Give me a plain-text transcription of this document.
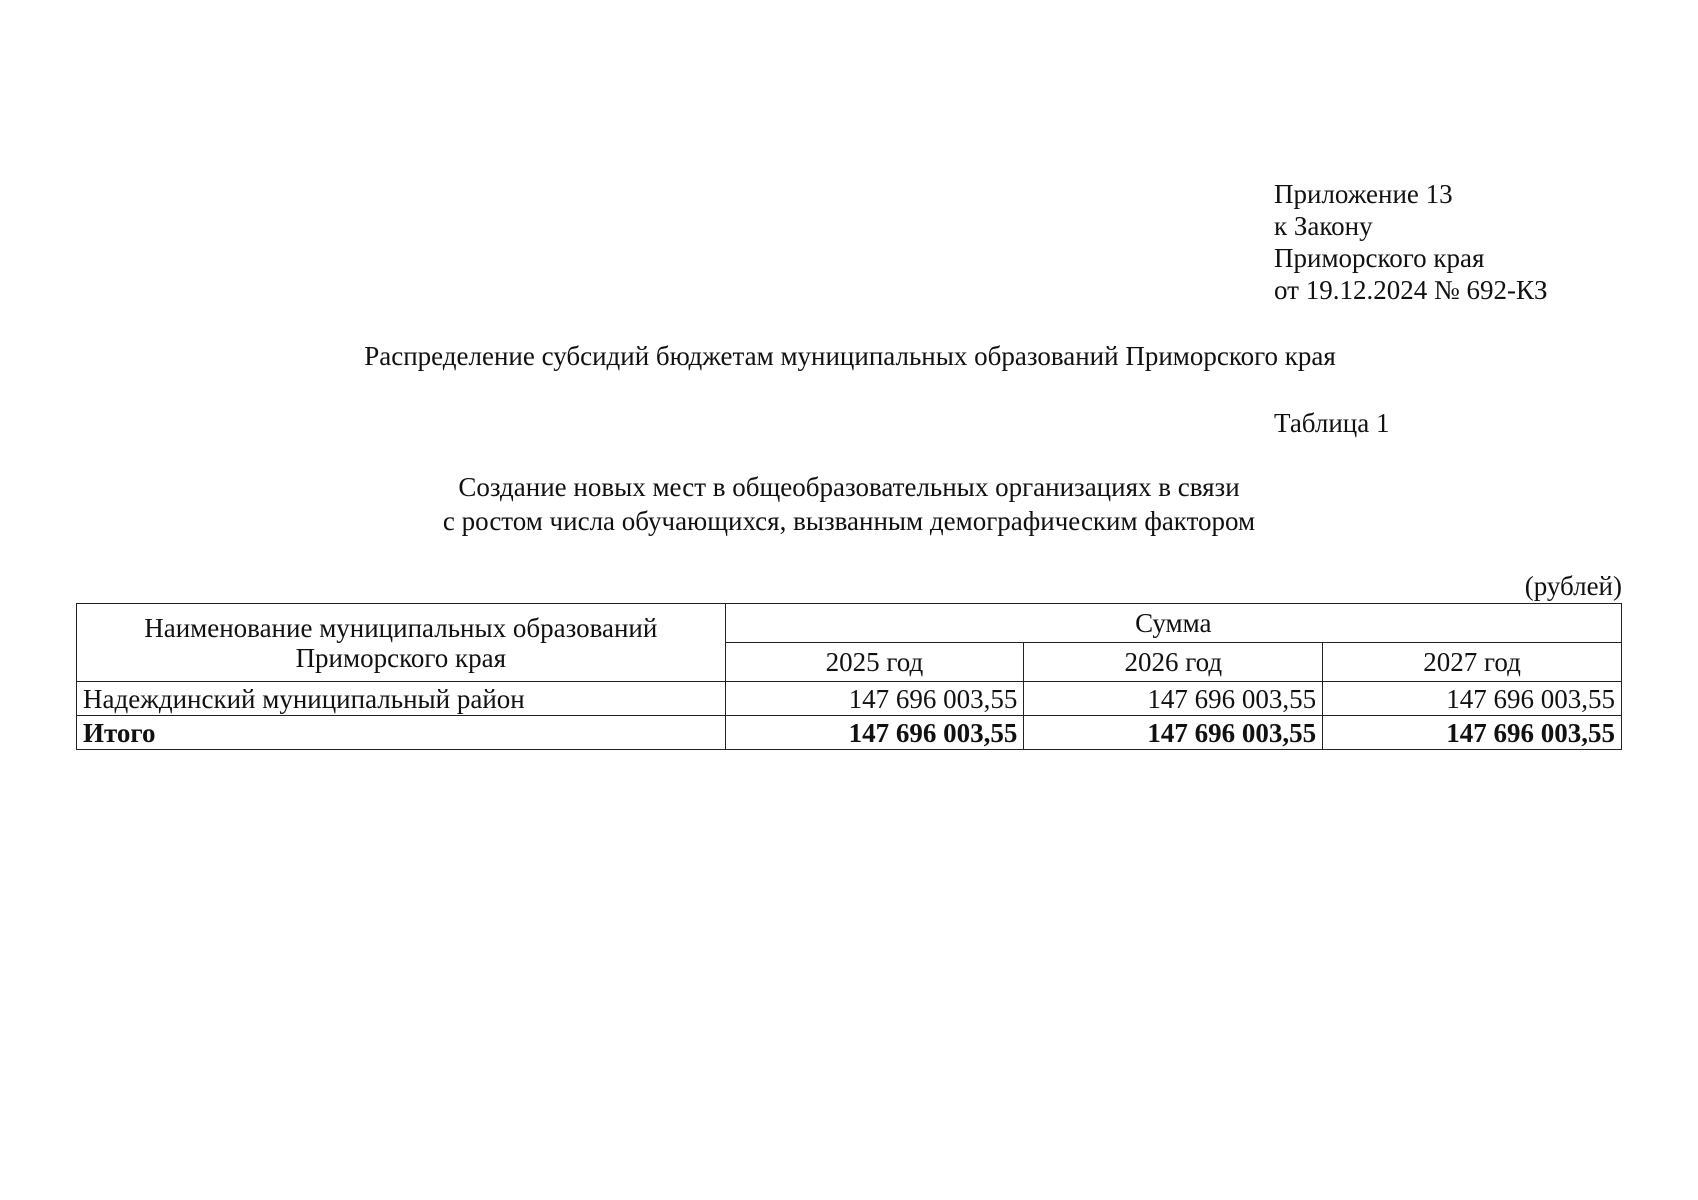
Приложение 13
к Закону
Приморского края
от 19.12.2024 № 692-КЗ
Распределение субсидий бюджетам муниципальных образований Приморского края
Таблица 1
Создание новых мест в общеобразовательных организациях в связи
с ростом числа обучающихся, вызванным демографическим фактором
(рублей)
Наименование муниципальных образований
Приморского края	Сумма		
	2025 год	2026 год	2027 год
Надеждинский муниципальный район	147 696 003,55	147 696 003,55	147 696 003,55
Итого	147 696 003,55	147 696 003,55	147 696 003,55
